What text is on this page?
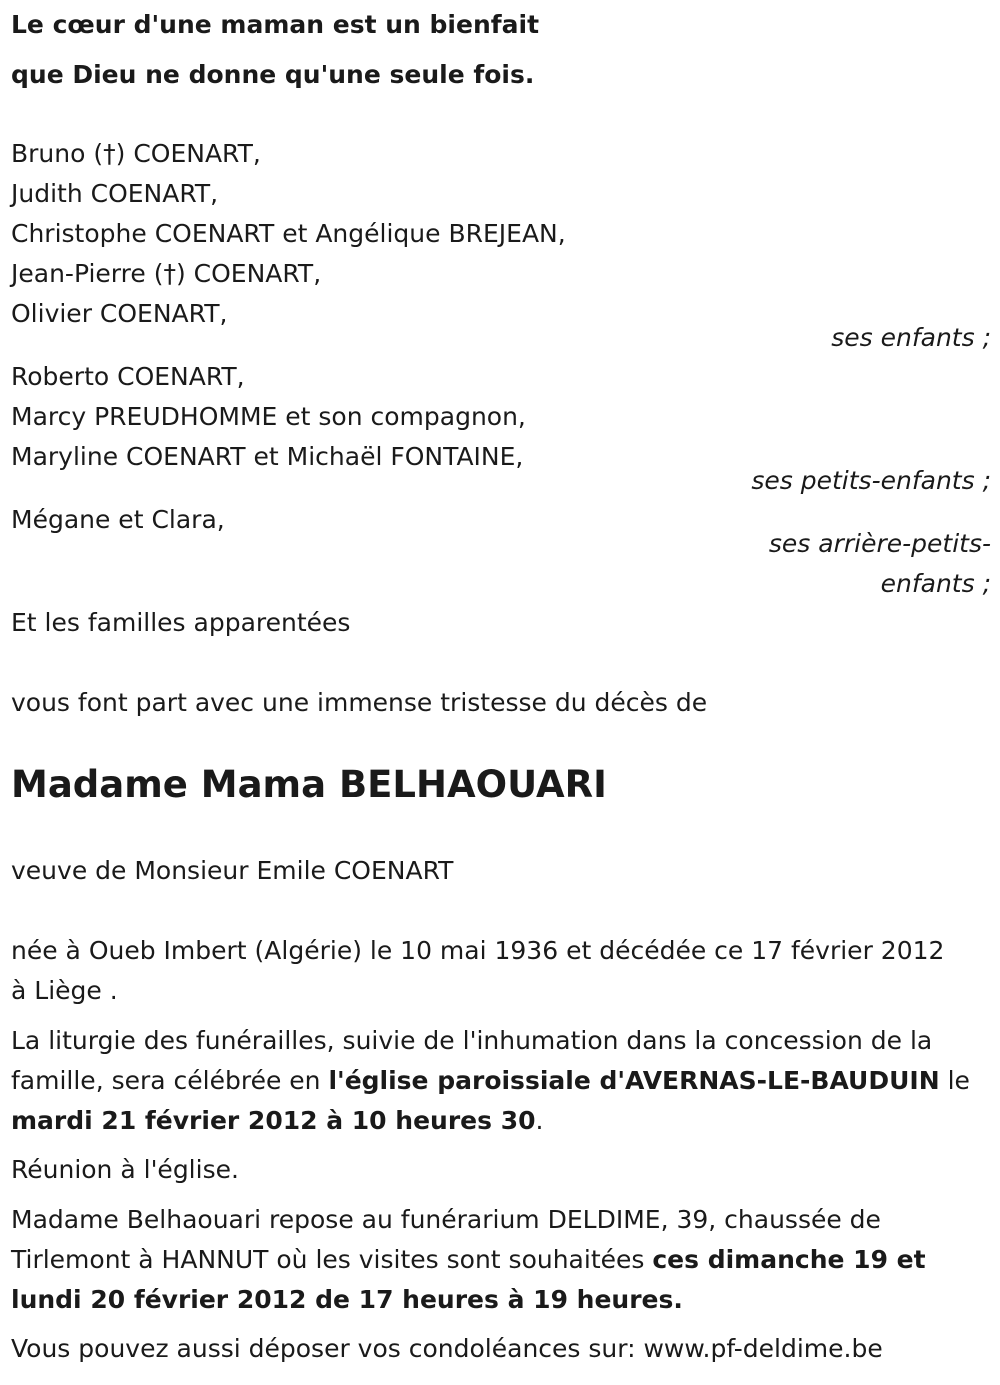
Le cœur d'une maman est un bienfait
que Dieu ne donne qu'une seule fois.
Bruno (†) COENART,
Judith COENART,
Christophe COENART et Angélique BREJEAN,
Jean-Pierre (†) COENART,
Olivier COENART,
ses enfants ;
Roberto COENART,
Marcy PREUDHOMME et son compagnon,
Maryline COENART et Michaël FONTAINE,
ses petits-enfants ;
Mégane et Clara,
ses arrière-petits-
enfants ;
Et les familles apparentées
vous font part avec une immense tristesse du décès de
Madame Mama BELHAOUARI
veuve de Monsieur Emile COENART
née à Oueb Imbert (Algérie) le 10 mai 1936 et décédée ce 17 février 2012
à Liège .
La liturgie des funérailles, suivie de l'inhumation dans la concession de la famille, sera célébrée en l'église paroissiale d'AVERNAS-LE-BAUDUIN le mardi 21 février 2012 à 10 heures 30.
Réunion à l'église.
Madame Belhaouari repose au funérarium DELDIME, 39, chaussée de Tirlemont à HANNUT où les visites sont souhaitées ces dimanche 19 et lundi 20 février 2012 de 17 heures à 19 heures.
Vous pouvez aussi déposer vos condoléances sur: www.pf-deldime.be
